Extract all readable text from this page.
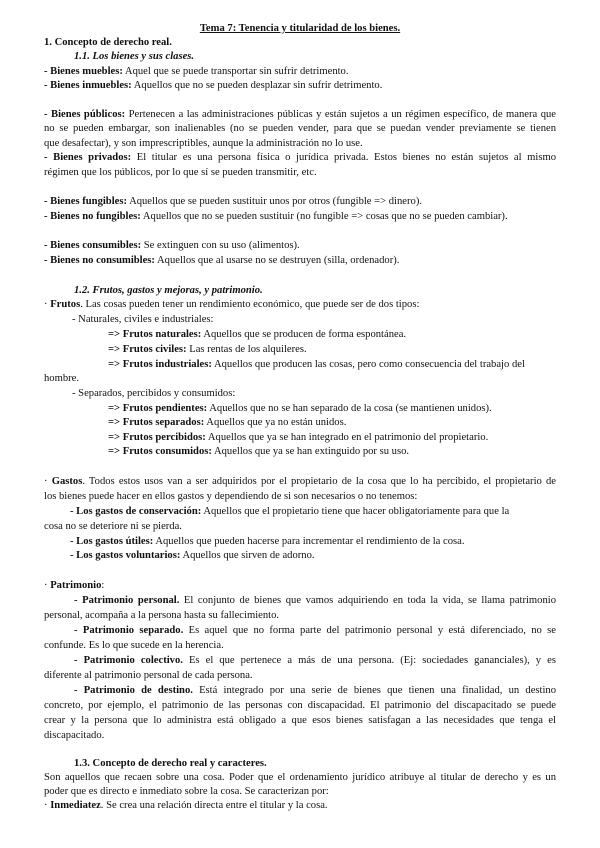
Tema 7: Tenencia y titularidad de los bienes.
1. Concepto de derecho real.
1.1. Los bienes y sus clases.
- Bienes muebles: Aquel que se puede transportar sin sufrir detrimento.
- Bienes inmuebles: Aquellos que no se pueden desplazar sin sufrir detrimento.
- Bienes públicos: Pertenecen a las administraciones públicas y están sujetos a un régimen específico, de manera que
no se pueden embargar, son inalienables (no se pueden vender, para que se puedan vender previamente se tienen
que desafectar), y son imprescriptibles, aunque la administración no lo use.
- Bienes privados: El titular es una persona física o jurídica privada. Estos bienes no están sujetos al mismo
régimen que los públicos, por lo que sí se pueden transmitir, etc.
- Bienes fungibles: Aquellos que se pueden sustituir unos por otros (fungible => dinero).
- Bienes no fungibles: Aquellos que no se pueden sustituir (no fungible => cosas que no se pueden cambiar).
- Bienes consumibles: Se extinguen con su uso (alimentos).
- Bienes no consumibles: Aquellos que al usarse no se destruyen (silla, ordenador).
1.2. Frutos, gastos y mejoras, y patrimonio.
· Frutos. Las cosas pueden tener un rendimiento económico, que puede ser de dos tipos:
- Naturales, civiles e industriales:
=> Frutos naturales: Aquellos que se producen de forma espontánea.
=> Frutos civiles: Las rentas de los alquileres.
=> Frutos industriales: Aquellos que producen las cosas, pero como consecuencia del trabajo del
hombre.
- Separados, percibidos y consumidos:
=> Frutos pendientes: Aquellos que no se han separado de la cosa (se mantienen unidos).
=> Frutos separados: Aquellos que ya no están unidos.
=> Frutos percibidos: Aquellos que ya se han integrado en el patrimonio del propietario.
=> Frutos consumidos: Aquellos que ya se han extinguido por su uso.
· Gastos. Todos estos usos van a ser adquiridos por el propietario de la cosa que lo ha percibido, el propietario de
los bienes puede hacer en ellos gastos y dependiendo de si son necesarios o no tenemos:
- Los gastos de conservación: Aquellos que el propietario tiene que hacer obligatoriamente para que la
cosa no se deteriore ni se pierda.
- Los gastos útiles: Aquellos que pueden hacerse para incrementar el rendimiento de la cosa.
- Los gastos voluntarios: Aquellos que sirven de adorno.
· Patrimonio:
- Patrimonio personal. El conjunto de bienes que vamos adquiriendo en toda la vida, se llama patrimonio
personal, acompaña a la persona hasta su fallecimiento.
- Patrimonio separado. Es aquel que no forma parte del patrimonio personal y está diferenciado, no se
confunde. Es lo que sucede en la herencia.
- Patrimonio colectivo. Es el que pertenece a más de una persona. (Ej: sociedades gananciales), y es
diferente al patrimonio personal de cada persona.
- Patrimonio de destino. Está integrado por una serie de bienes que tienen una finalidad, un destino
concreto, por ejemplo, el patrimonio de las personas con discapacidad. El patrimonio del discapacitado se puede
crear y la persona que lo administra está obligado a que esos bienes satisfagan a las necesidades que tenga el
discapacitado.
1.3. Concepto de derecho real y caracteres.
Son aquellos que recaen sobre una cosa. Poder que el ordenamiento jurídico atribuye al titular de derecho y es un
poder que es directo e inmediato sobre la cosa. Se caracterizan por:
· Inmediatez. Se crea una relación directa entre el titular y la cosa.
